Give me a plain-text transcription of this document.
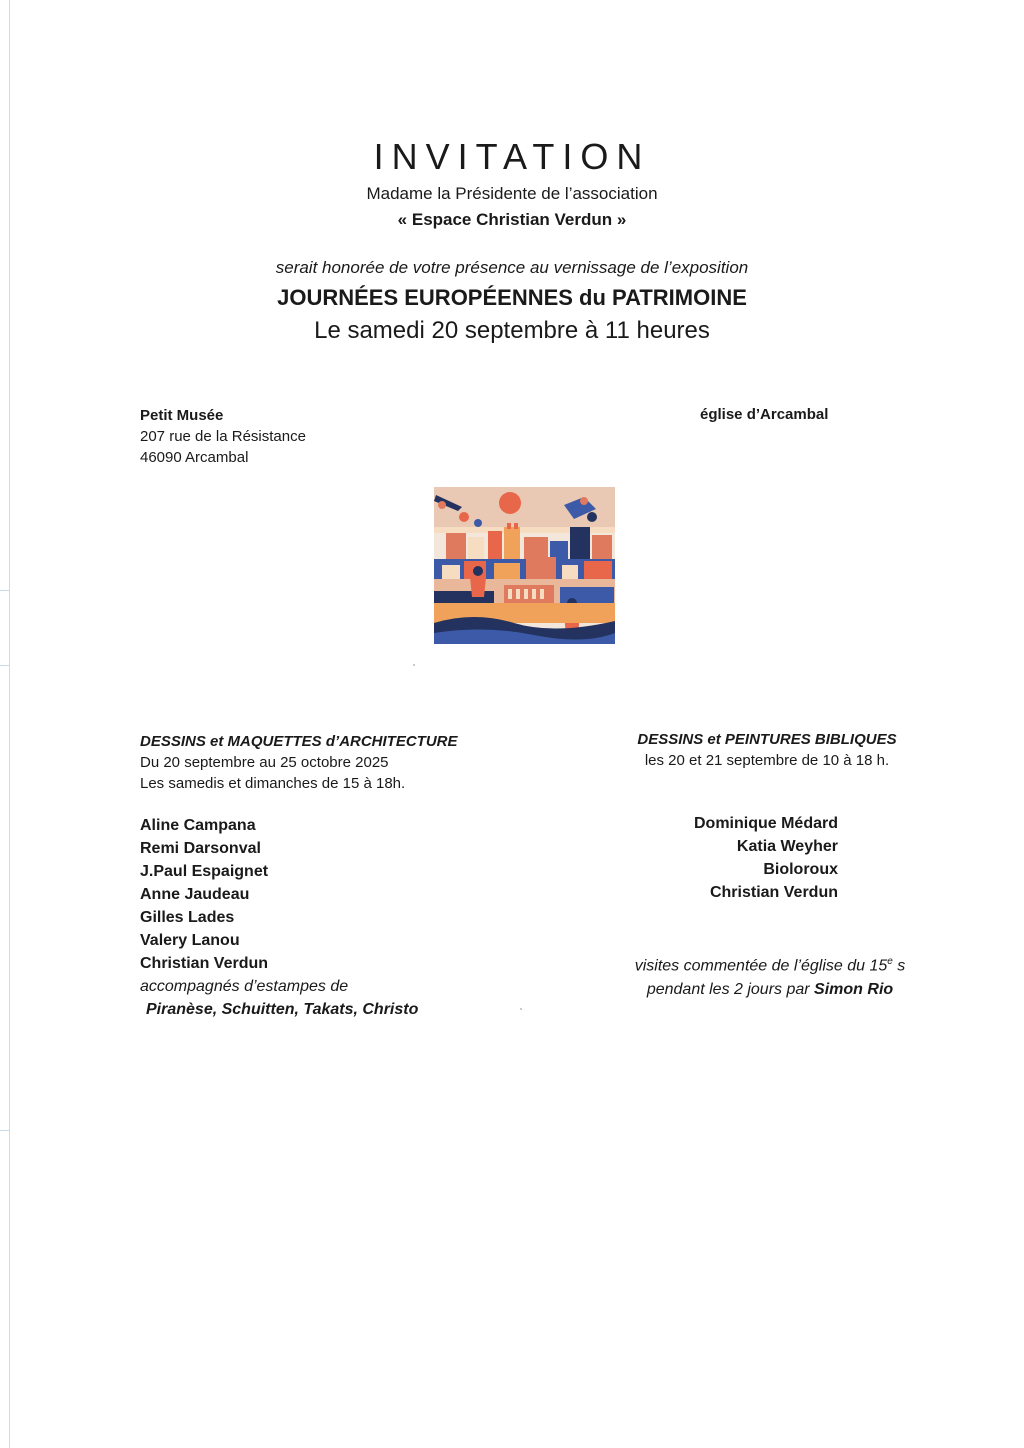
INVITATION
Madame la Présidente de l’association
« Espace Christian Verdun »
serait honorée de votre présence au vernissage de l’exposition
JOURNÉES EUROPÉENNES du PATRIMOINE
Le samedi 20 septembre à 11 heures
Petit Musée
207 rue de la Résistance
46090 Arcambal
église d’Arcambal
DESSINS et MAQUETTES d’ARCHITECTURE
Du 20 septembre au 25 octobre 2025
Les samedis et dimanches de 15 à 18h.
DESSINS et PEINTURES BIBLIQUES
les 20 et 21 septembre de 10 à 18 h.
Aline Campana
Remi Darsonval
J.Paul Espaignet
Anne Jaudeau
Gilles Lades
Valery Lanou
Christian Verdun
accompagnés d’estampes de
Piranèse, Schuitten, Takats, Christo
Dominique Médard
Katia Weyher
Bioloroux
Christian Verdun
visites commentée de l’église du 15e s
pendant les 2 jours par Simon Rio
